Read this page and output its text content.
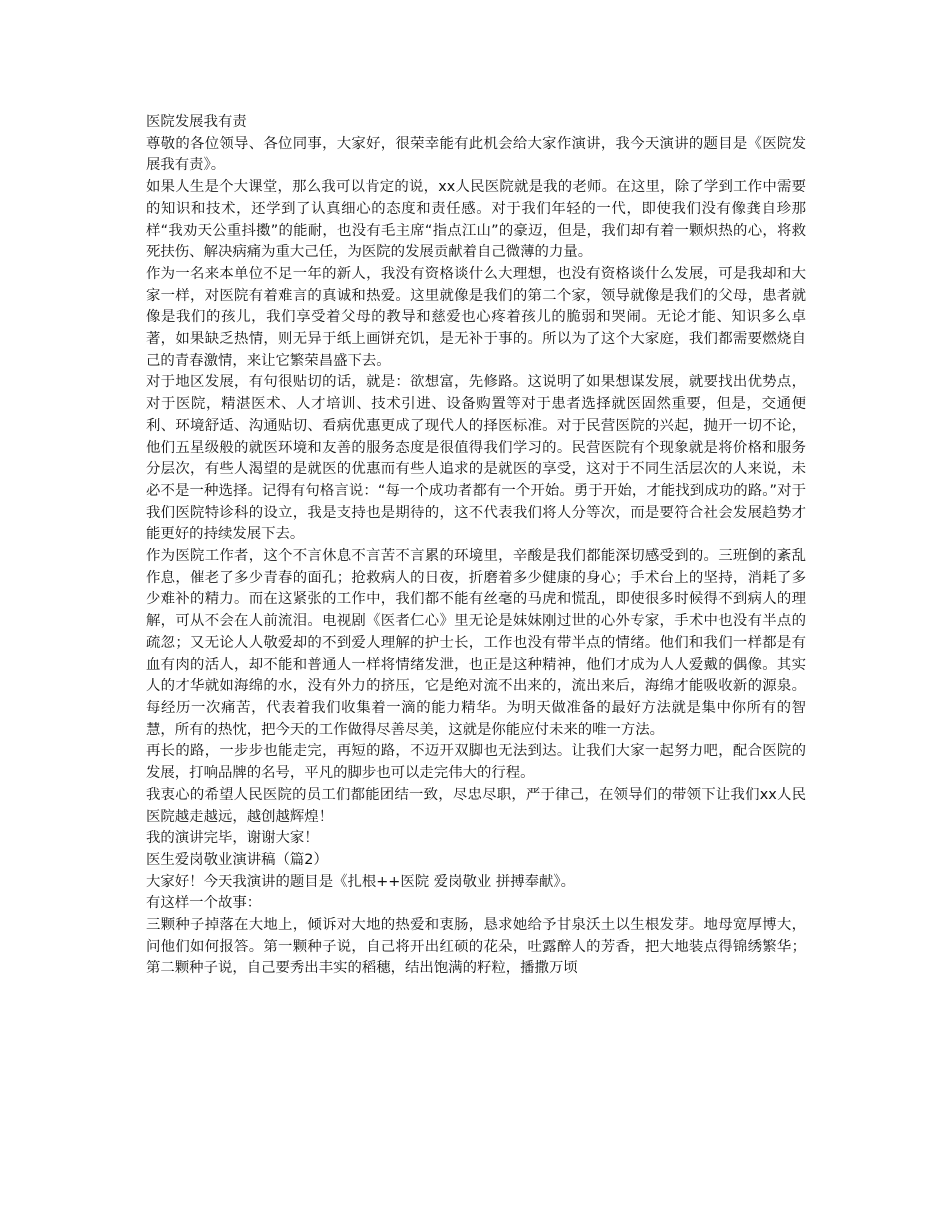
医院发展我有责

尊敬的各位领导、各位同事，大家好，很荣幸能有此机会给大家作演讲，我今天演讲的题目是《医院发展我有责》。

如果人生是个大课堂，那么我可以肯定的说，xx人民医院就是我的老师。在这里，除了学到工作中需要的知识和技术，还学到了认真细心的态度和责任感。对于我们年轻的一代，即使我们没有像龚自珍那样“我劝天公重抖擞”的能耐，也没有毛主席“指点江山”的豪迈，但是，我们却有着一颗炽热的心，将救死扶伤、解决病痛为重大己任，为医院的发展贡献着自己微薄的力量。

作为一名来本单位不足一年的新人，我没有资格谈什么大理想，也没有资格谈什么发展，可是我却和大家一样，对医院有着难言的真诚和热爱。这里就像是我们的第二个家，领导就像是我们的父母，患者就像是我们的孩儿，我们享受着父母的教导和慈爱也心疼着孩儿的脆弱和哭闹。无论才能、知识多么卓著，如果缺乏热情，则无异于纸上画饼充饥，是无补于事的。所以为了这个大家庭，我们都需要燃烧自己的青春激情，来让它繁荣昌盛下去。

对于地区发展，有句很贴切的话，就是：欲想富，先修路。这说明了如果想谋发展，就要找出优势点，对于医院，精湛医术、人才培训、技术引进、设备购置等对于患者选择就医固然重要，但是，交通便利、环境舒适、沟通贴切、看病优惠更成了现代人的择医标准。对于民营医院的兴起，抛开一切不论，他们五星级般的就医环境和友善的服务态度是很值得我们学习的。民营医院有个现象就是将价格和服务分层次，有些人渴望的是就医的优惠而有些人追求的是就医的享受，这对于不同生活层次的人来说，未必不是一种选择。记得有句格言说：“每一个成功者都有一个开始。勇于开始，才能找到成功的路。”对于我们医院特诊科的设立，我是支持也是期待的，这不代表我们将人分等次，而是要符合社会发展趋势才能更好的持续发展下去。

作为医院工作者，这个不言休息不言苦不言累的环境里，辛酸是我们都能深切感受到的。三班倒的紊乱作息，催老了多少青春的面孔；抢救病人的日夜，折磨着多少健康的身心；手术台上的坚持，消耗了多少难补的精力。而在这紧张的工作中，我们都不能有丝毫的马虎和慌乱，即使很多时候得不到病人的理解，可从不会在人前流泪。电视剧《医者仁心》里无论是妹妹刚过世的心外专家，手术中也没有半点的疏忽；又无论人人敬爱却的不到爱人理解的护士长，工作也没有带半点的情绪。他们和我们一样都是有血有肉的活人，却不能和普通人一样将情绪发泄，也正是这种精神，他们才成为人人爱戴的偶像。其实人的才华就如海绵的水，没有外力的挤压，它是绝对流不出来的，流出来后，海绵才能吸收新的源泉。每经历一次痛苦，代表着我们收集着一滴的能力精华。为明天做准备的最好方法就是集中你所有的智慧，所有的热忱，把今天的工作做得尽善尽美，这就是你能应付未来的唯一方法。

再长的路，一步步也能走完，再短的路，不迈开双脚也无法到达。让我们大家一起努力吧，配合医院的发展，打响品牌的名号，平凡的脚步也可以走完伟大的行程。

我衷心的希望人民医院的员工们都能团结一致，尽忠尽职，严于律己，在领导们的带领下让我们xx人民医院越走越远，越创越辉煌！

我的演讲完毕，谢谢大家！

医生爱岗敬业演讲稿（篇2）

大家好！今天我演讲的题目是《扎根++医院 爱岗敬业 拼搏奉献》。

有这样一个故事：

三颗种子掉落在大地上，倾诉对大地的热爱和衷肠，恳求她给予甘泉沃土以生根发芽。地母宽厚博大，问他们如何报答。第一颗种子说，自己将开出红硕的花朵，吐露醉人的芳香，把大地装点得锦绣繁华；第二颗种子说，自己要秀出丰实的稻穗，结出饱满的籽粒，播撒万顷
